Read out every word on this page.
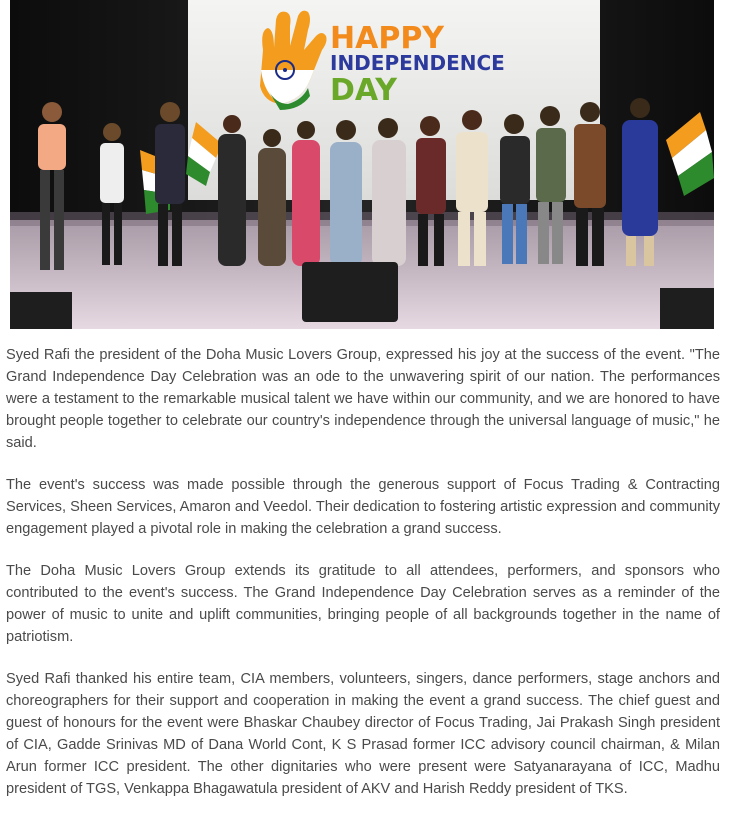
HAPPY
INDEPENDENCE
DAY

Syed Rafi the president of the Doha Music Lovers Group, expressed his joy at the success of the event. "The Grand Independence Day Celebration was an ode to the unwavering spirit of our nation. The performances were a testament to the remarkable musical talent we have within our community, and we are honored to have brought people together to celebrate our country's independence through the universal language of music," he said.

The event's success was made possible through the generous support of Focus Trading & Contracting Services, Sheen Services, Amaron and Veedol. Their dedication to fostering artistic expression and community engagement played a pivotal role in making the celebration a grand success.

The Doha Music Lovers Group extends its gratitude to all attendees, performers, and sponsors who contributed to the event's success. The Grand Independence Day Celebration serves as a reminder of the power of music to unite and uplift communities, bringing people of all backgrounds together in the name of patriotism.

Syed Rafi thanked his entire team, CIA members, volunteers, singers, dance performers, stage anchors and choreographers for their support and cooperation in making the event a grand success. The chief guest and guest of honours for the event were Bhaskar Chaubey director of Focus Trading, Jai Prakash Singh president of CIA, Gadde Srinivas MD of Dana World Cont, K S Prasad former ICC advisory council chairman, & Milan Arun former ICC president. The other dignitaries who were present were Satyanarayana of ICC, Madhu president of TGS, Venkappa Bhagawatula president of AKV and Harish Reddy president of TKS.
